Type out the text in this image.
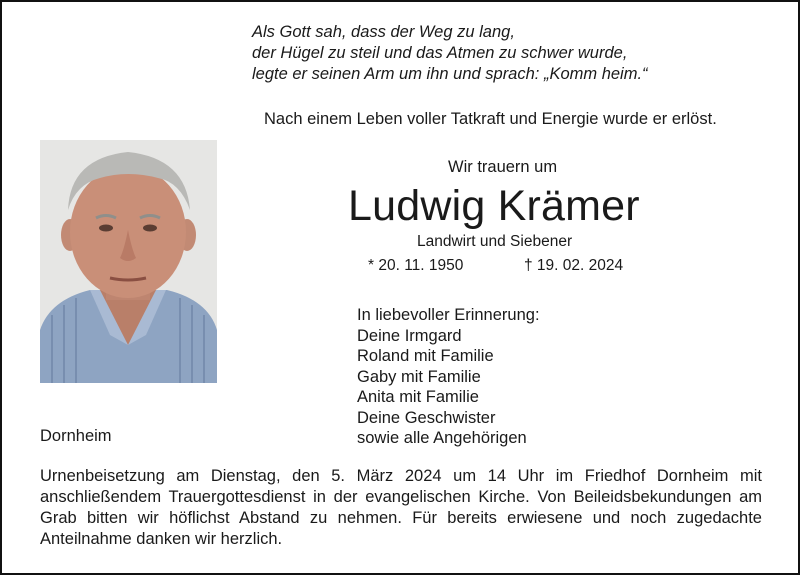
Als Gott sah, dass der Weg zu lang,
der Hügel zu steil und das Atmen zu schwer wurde,
legte er seinen Arm um ihn und sprach: „Komm heim.“
Nach einem Leben voller Tatkraft und Energie wurde er erlöst.
Wir trauern um
Ludwig Krämer
Landwirt und Siebener
* 20. 11. 1950	† 19. 02. 2024
In liebevoller Erinnerung:
Deine Irmgard
Roland mit Familie
Gaby mit Familie
Anita mit Familie
Deine Geschwister
sowie alle Angehörigen
Dornheim
Urnenbeisetzung am Dienstag, den 5. März 2024 um 14 Uhr im Friedhof Dornheim mit anschließendem Trauergottesdienst in der evangelischen Kirche. Von Beileidsbekundungen am Grab bitten wir höflichst Abstand zu nehmen. Für bereits erwiesene und noch zugedachte Anteilnahme danken wir herzlich.
